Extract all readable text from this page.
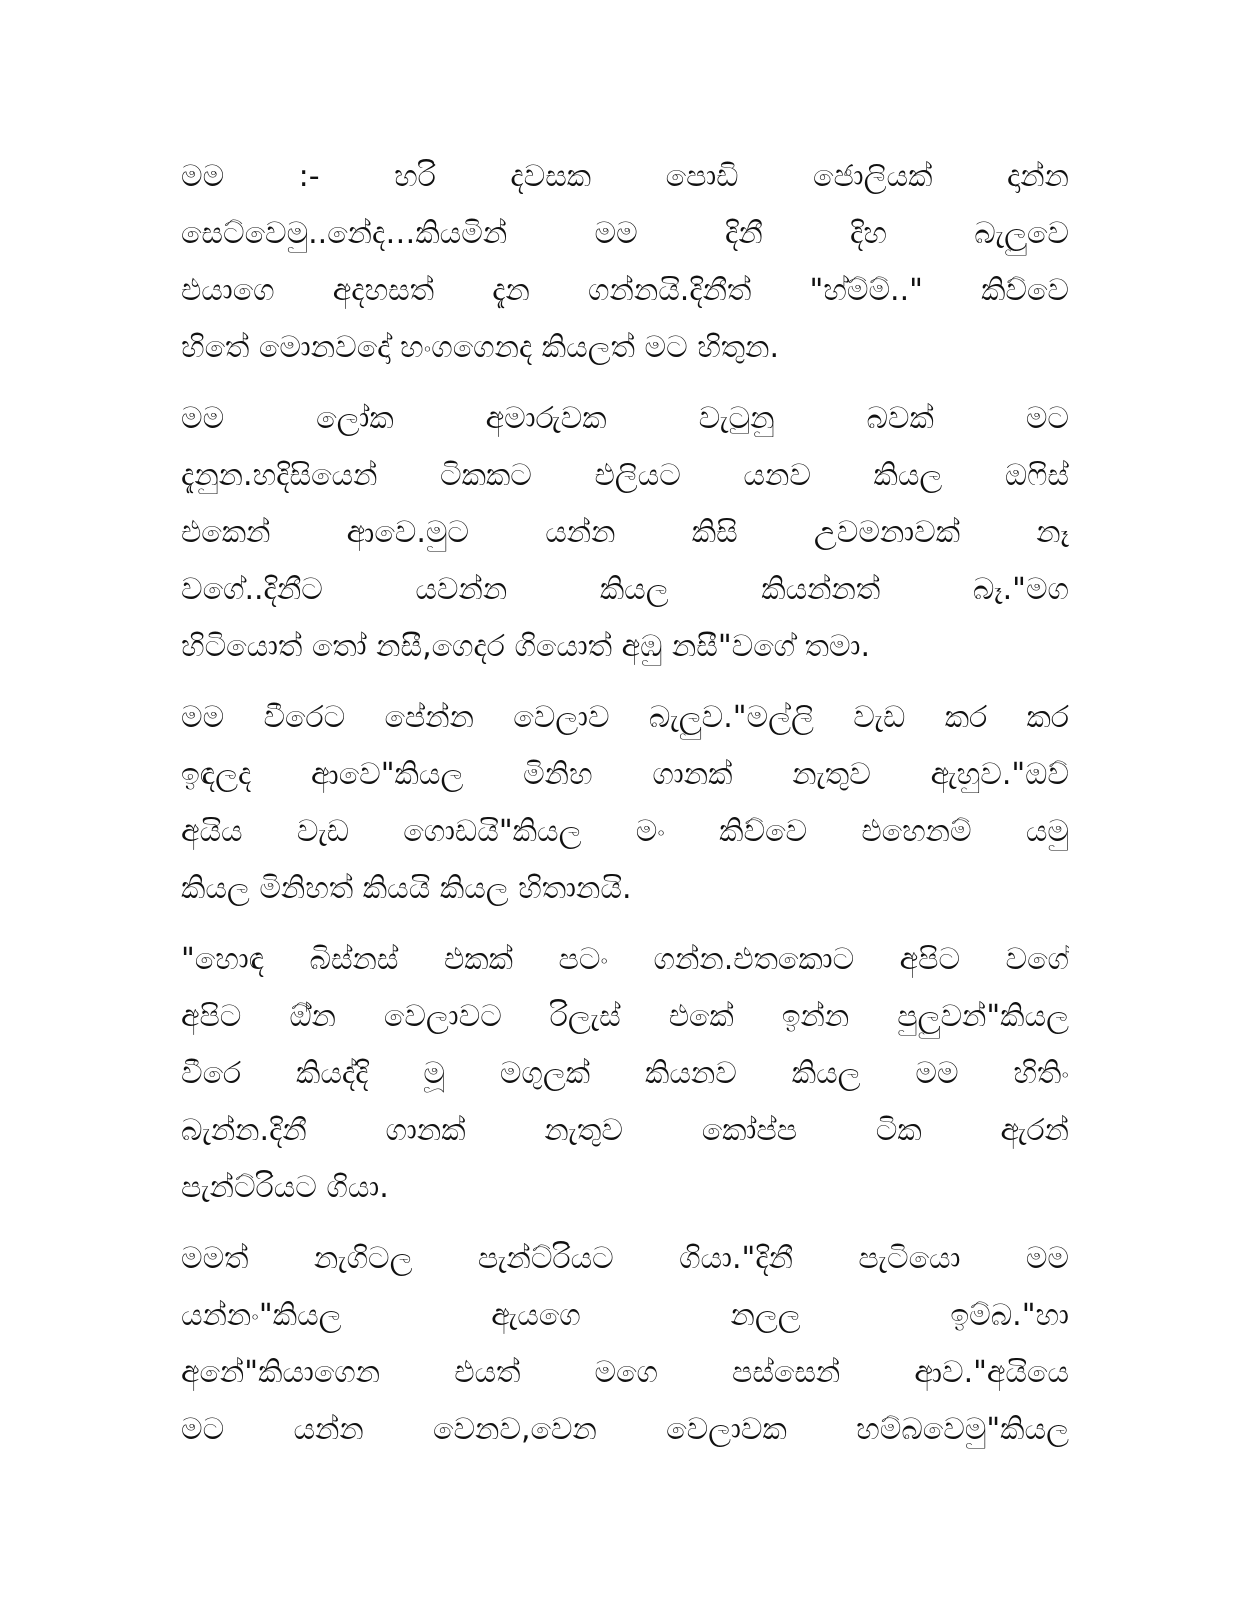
මම :- හරි දවසක පොඩි ජොලියක් දාන්න
සෙට්වෙමු..නේද…කියමින් මම දිනී දිහ බැලුවෙ
එයාගෙ අදහසත් දැන ගන්නයි.දිනීත් "හ්ම්ම්.." කිව්වෙ
හිතේ මොනවදෝ හංගගෙනද කියලත් මට හිතුන.
මම ලෝක අමාරුවක වැටුනු බවක් මට
දැනුන.හදිසියෙන් ටිකකට එලියට යනව කියල ඔෆිස්
එකෙන් ආවෙ.මුට යන්න කිසි උවමනාවක් නෑ
වගේ..දිනීට යවන්න කියල කියන්නත් බෑ."මග
හිටියොත් තෝ නසී,ගෙදර ගියොත් අඹු නසී"වගේ තමා.
මම වීරෙට පේන්න වෙලාව බැලුව."මල්ලි වැඩ කර කර
ඉඳලද ආවෙ"කියල මිනිහ ගානක් නැතුව ඇහුව."ඔව්
අයිය වැඩ ගොඩයි"කියල මං කිව්වෙ එහෙනම් යමු
කියල මිනිහත් කියයි කියල හිතානයි.
"හොඳ බිස්නස් එකක් පටං ගන්න.එතකොට අපිට වගේ
අපිට ඕ්න වෙලාවට රිලැස් එකේ ඉන්න පුලුවන්"කියල
වීරෙ කියද්දි මූ මගුලක් කියනව කියල මම හිතිං
බැන්න.දිනී ගානක් නැතුව කෝප්ප ටික ඇරන්
පැන්ට්රියට ගියා.
මමත් නැගිටල පැන්ට්රියට ගියා."දිනී පැටියො මම
යන්නං"කියල ඇයගෙ නලල ඉම්බ."හා
අනේ"කියාගෙන එයත් මගෙ පස්සෙන් ආව."අයියෙ
මට යන්න වෙනව,වෙන වෙලාවක හම්බවෙමු"කියල
